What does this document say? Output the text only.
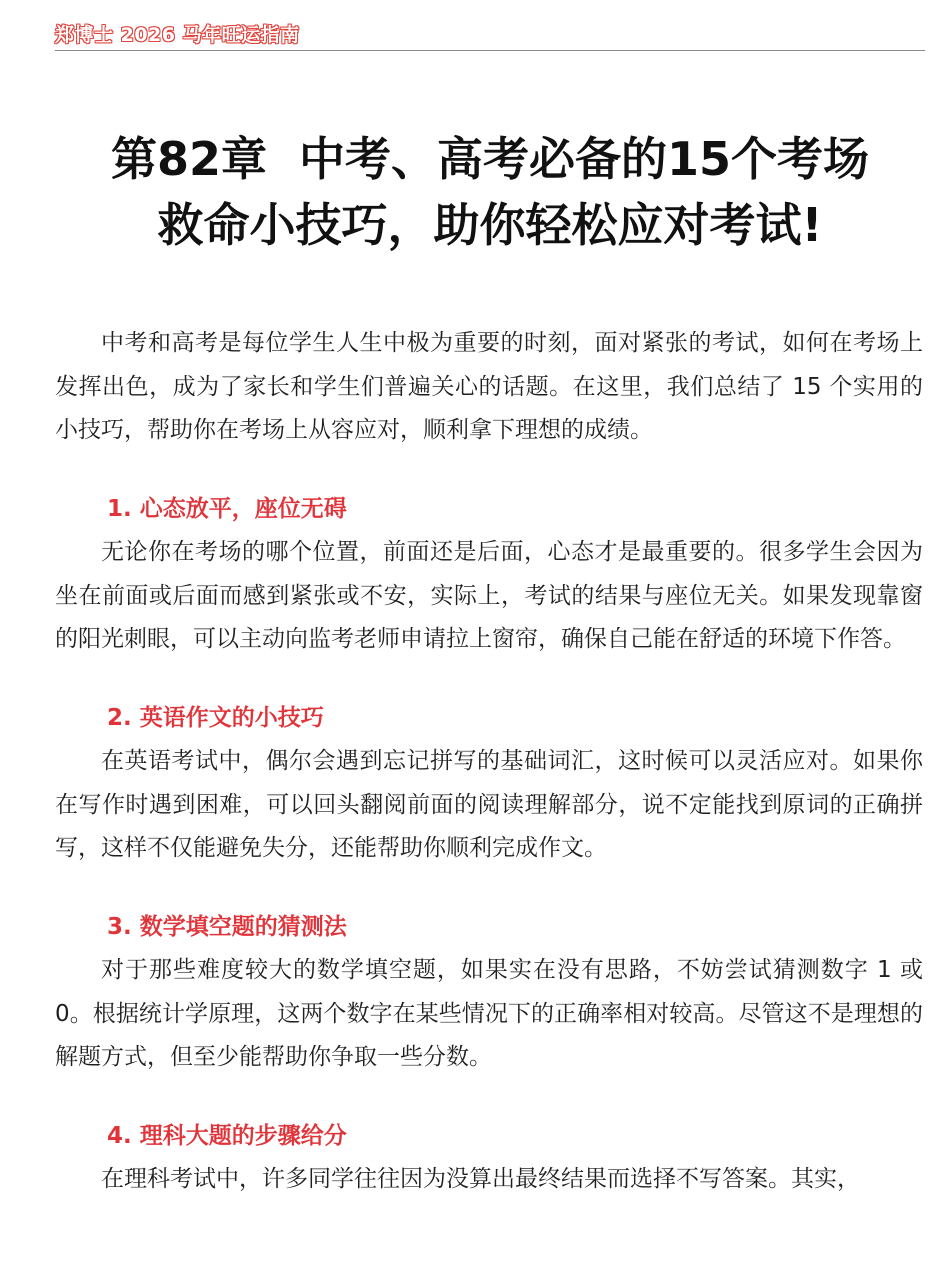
郑博士 2026 马年旺运指南
第82章  中考、高考必备的15个考场
救命小技巧，助你轻松应对考试!

中考和高考是每位学生人生中极为重要的时刻，面对紧张的考试，如何在考场上发挥出色，成为了家长和学生们普遍关心的话题。在这里，我们总结了 15 个实用的小技巧，帮助你在考场上从容应对，顺利拿下理想的成绩。

1. 心态放平，座位无碍

无论你在考场的哪个位置，前面还是后面，心态才是最重要的。很多学生会因为坐在前面或后面而感到紧张或不安，实际上，考试的结果与座位无关。如果发现靠窗的阳光刺眼，可以主动向监考老师申请拉上窗帘，确保自己能在舒适的环境下作答。

2. 英语作文的小技巧

在英语考试中，偶尔会遇到忘记拼写的基础词汇，这时候可以灵活应对。如果你在写作时遇到困难，可以回头翻阅前面的阅读理解部分，说不定能找到原词的正确拼写，这样不仅能避免失分，还能帮助你顺利完成作文。

3. 数学填空题的猜测法

对于那些难度较大的数学填空题，如果实在没有思路，不妨尝试猜测数字 1 或 0。根据统计学原理，这两个数字在某些情况下的正确率相对较高。尽管这不是理想的解题方式，但至少能帮助你争取一些分数。

4. 理科大题的步骤给分

在理科考试中，许多同学往往因为没算出最终结果而选择不写答案。其实，
